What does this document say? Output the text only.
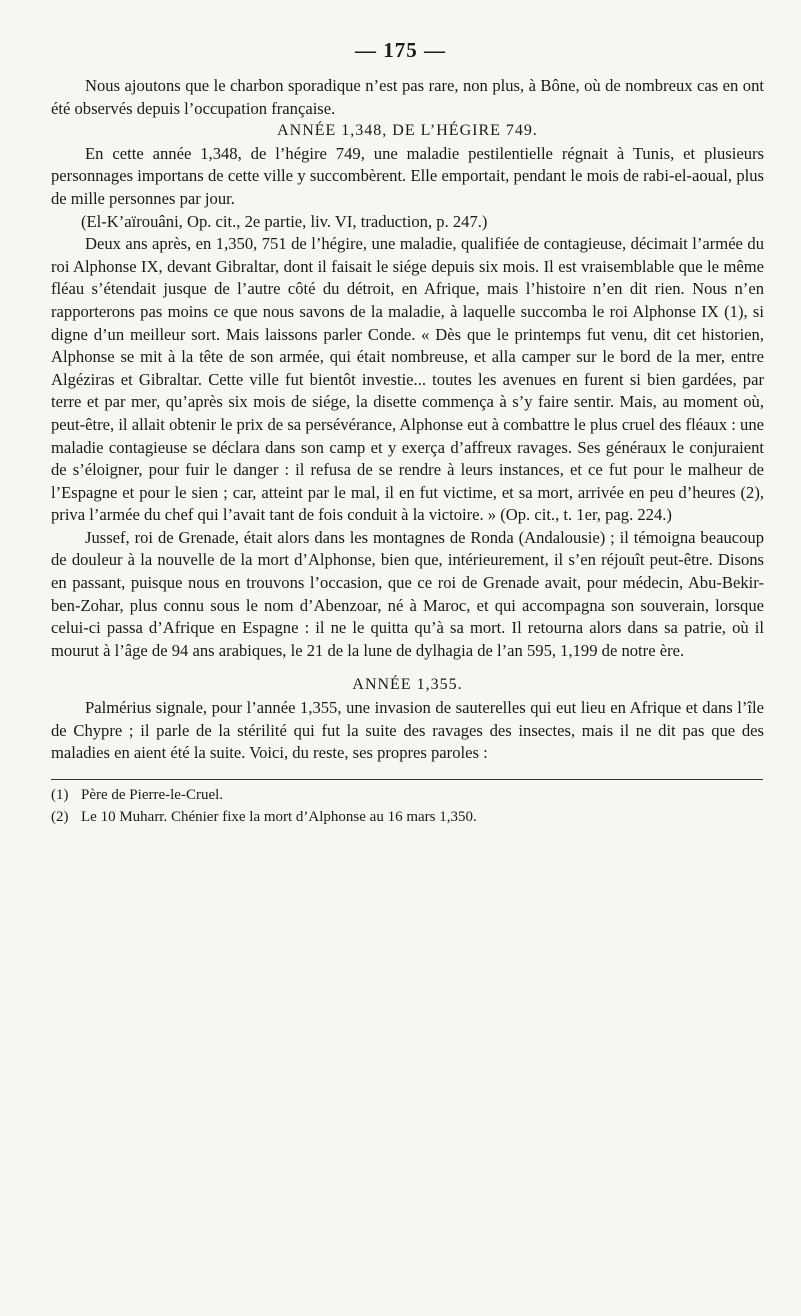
— 175 —

Nous ajoutons que le charbon sporadique n’est pas rare, non plus, à Bône, où de nombreux cas en ont été observés depuis l’occupation française.

ANNÉE 1,348, DE L’HÉGIRE 749.

En cette année 1,348, de l’hégire 749, une maladie pestilentielle régnait à Tunis, et plusieurs personnages importans de cette ville y succombèrent. Elle emportait, pendant le mois de rabi-el-aoual, plus de mille personnes par jour.

(El-K’aïrouâni, Op. cit., 2e partie, liv. VI, traduction, p. 247.)

Deux ans après, en 1,350, 751 de l’hégire, une maladie, qualifiée de contagieuse, décimait l’armée du roi Alphonse IX, devant Gibraltar, dont il faisait le siége depuis six mois. Il est vraisemblable que le même fléau s’étendait jusque de l’autre côté du détroit, en Afrique, mais l’histoire n’en dit rien. Nous n’en rapporterons pas moins ce que nous savons de la maladie, à laquelle succomba le roi Alphonse IX (1), si digne d’un meilleur sort. Mais laissons parler Conde. « Dès que le printemps fut venu, dit cet historien, Alphonse se mit à la tête de son armée, qui était nombreuse, et alla camper sur le bord de la mer, entre Algéziras et Gibraltar. Cette ville fut bientôt investie... toutes les avenues en furent si bien gardées, par terre et par mer, qu’après six mois de siége, la disette commença à s’y faire sentir. Mais, au moment où, peut-être, il allait obtenir le prix de sa persévérance, Alphonse eut à combattre le plus cruel des fléaux : une maladie contagieuse se déclara dans son camp et y exerça d’affreux ravages. Ses généraux le conjuraient de s’éloigner, pour fuir le danger : il refusa de se rendre à leurs instances, et ce fut pour le malheur de l’Espagne et pour le sien ; car, atteint par le mal, il en fut victime, et sa mort, arrivée en peu d’heures (2), priva l’armée du chef qui l’avait tant de fois conduit à la victoire. » (Op. cit., t. 1er, pag. 224.)

Jussef, roi de Grenade, était alors dans les montagnes de Ronda (Andalousie) ; il témoigna beaucoup de douleur à la nouvelle de la mort d’Alphonse, bien que, intérieurement, il s’en réjouît peut-être. Disons en passant, puisque nous en trouvons l’occasion, que ce roi de Grenade avait, pour médecin, Abu-Bekir-ben-Zohar, plus connu sous le nom d’Abenzoar, né à Maroc, et qui accompagna son souverain, lorsque celui-ci passa d’Afrique en Espagne : il ne le quitta qu’à sa mort. Il retourna alors dans sa patrie, où il mourut à l’âge de 94 ans arabiques, le 21 de la lune de dylhagia de l’an 595, 1,199 de notre ère.

ANNÉE 1,355.

Palmérius signale, pour l’année 1,355, une invasion de sauterelles qui eut lieu en Afrique et dans l’île de Chypre ; il parle de la stérilité qui fut la suite des ravages des insectes, mais il ne dit pas que des maladies en aient été la suite. Voici, du reste, ses propres paroles :

(1) Père de Pierre-le-Cruel.

(2) Le 10 Muharr. Chénier fixe la mort d’Alphonse au 16 mars 1,350.
